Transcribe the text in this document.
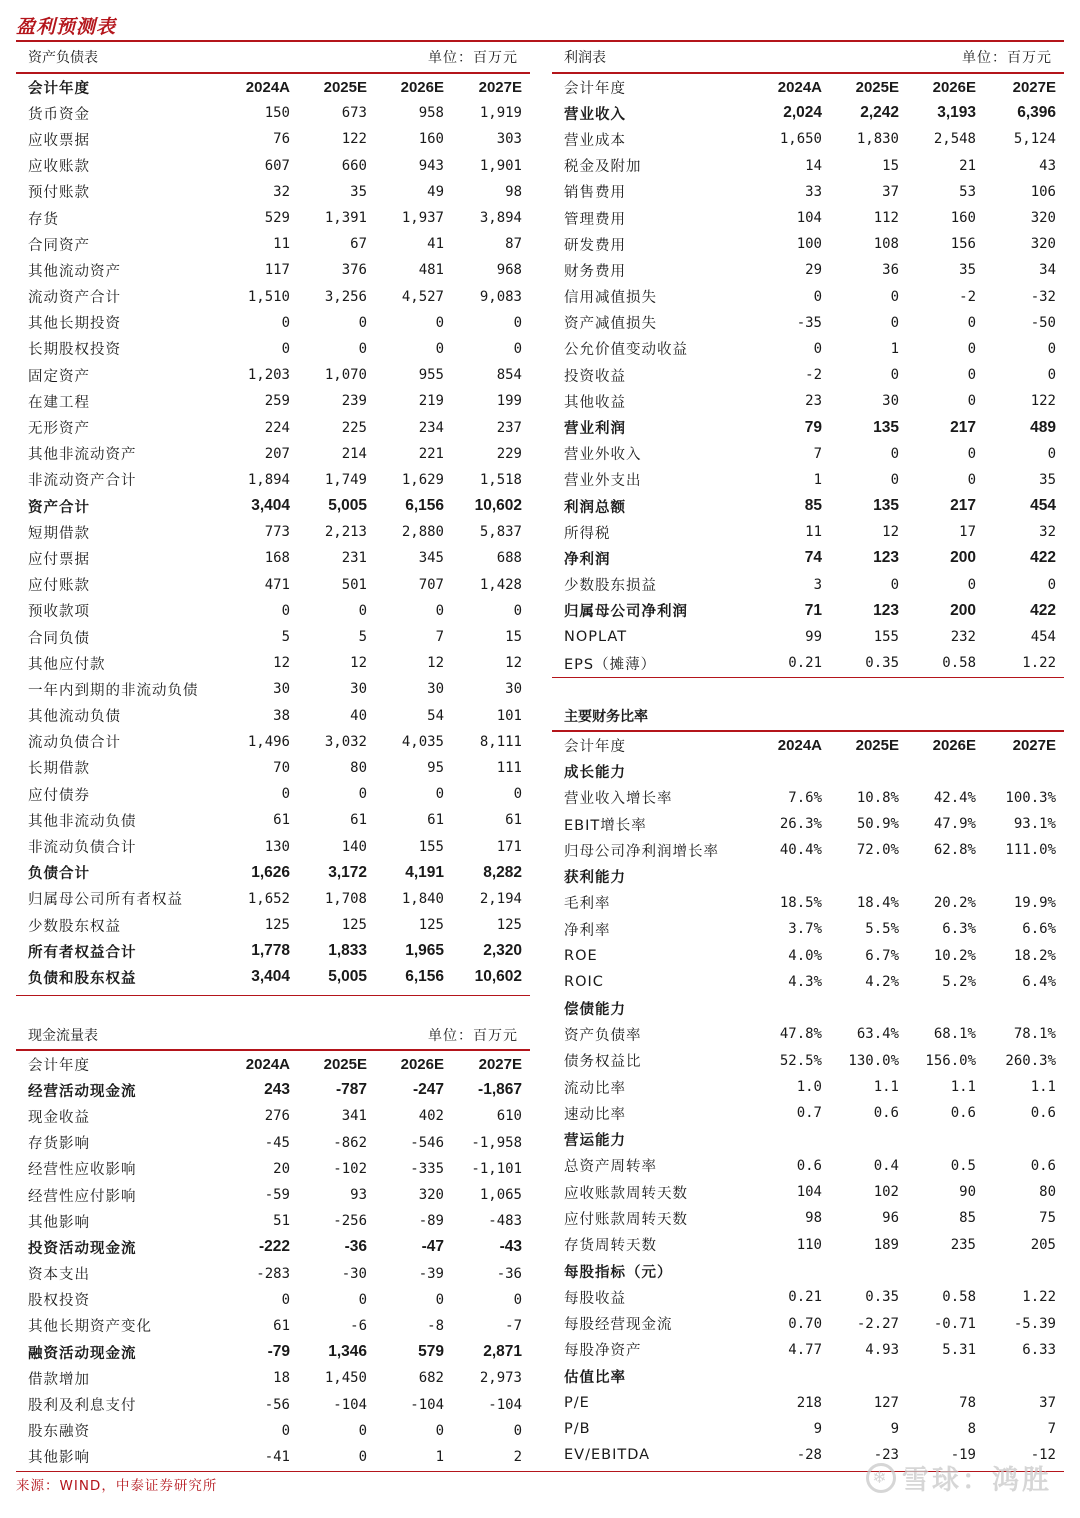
盈利预测表
资产负债表	单位：百万元
会计年度	2024A	2025E	2026E	2027E
货币资金	150	673	958	1,919
应收票据	76	122	160	303
应收账款	607	660	943	1,901
预付账款	32	35	49	98
存货	529	1,391	1,937	3,894
合同资产	11	67	41	87
其他流动资产	117	376	481	968
流动资产合计	1,510	3,256	4,527	9,083
其他长期投资	0	0	0	0
长期股权投资	0	0	0	0
固定资产	1,203	1,070	955	854
在建工程	259	239	219	199
无形资产	224	225	234	237
其他非流动资产	207	214	221	229
非流动资产合计	1,894	1,749	1,629	1,518
资产合计	3,404	5,005	6,156	10,602
短期借款	773	2,213	2,880	5,837
应付票据	168	231	345	688
应付账款	471	501	707	1,428
预收款项	0	0	0	0
合同负债	5	5	7	15
其他应付款	12	12	12	12
一年内到期的非流动负债	30	30	30	30
其他流动负债	38	40	54	101
流动负债合计	1,496	3,032	4,035	8,111
长期借款	70	80	95	111
应付债券	0	0	0	0
其他非流动负债	61	61	61	61
非流动负债合计	130	140	155	171
负债合计	1,626	3,172	4,191	8,282
归属母公司所有者权益	1,652	1,708	1,840	2,194
少数股东权益	125	125	125	125
所有者权益合计	1,778	1,833	1,965	2,320
负债和股东权益	3,404	5,005	6,156	10,602
现金流量表	单位：百万元
会计年度	2024A	2025E	2026E	2027E
经营活动现金流	243	-787	-247	-1,867
现金收益	276	341	402	610
存货影响	-45	-862	-546	-1,958
经营性应收影响	20	-102	-335	-1,101
经营性应付影响	-59	93	320	1,065
其他影响	51	-256	-89	-483
投资活动现金流	-222	-36	-47	-43
资本支出	-283	-30	-39	-36
股权投资	0	0	0	0
其他长期资产变化	61	-6	-8	-7
融资活动现金流	-79	1,346	579	2,871
借款增加	18	1,450	682	2,973
股利及利息支付	-56	-104	-104	-104
股东融资	0	0	0	0
其他影响	-41	0	1	2
利润表	单位：百万元
会计年度	2024A	2025E	2026E	2027E
营业收入	2,024	2,242	3,193	6,396
营业成本	1,650	1,830	2,548	5,124
税金及附加	14	15	21	43
销售费用	33	37	53	106
管理费用	104	112	160	320
研发费用	100	108	156	320
财务费用	29	36	35	34
信用减值损失	0	0	-2	-32
资产减值损失	-35	0	0	-50
公允价值变动收益	0	1	0	0
投资收益	-2	0	0	0
其他收益	23	30	0	122
营业利润	79	135	217	489
营业外收入	7	0	0	0
营业外支出	1	0	0	35
利润总额	85	135	217	454
所得税	11	12	17	32
净利润	74	123	200	422
少数股东损益	3	0	0	0
归属母公司净利润	71	123	200	422
NOPLAT	99	155	232	454
EPS（摊薄）	0.21	0.35	0.58	1.22
主要财务比率
会计年度	2024A	2025E	2026E	2027E
成长能力				
营业收入增长率	7.6%	10.8%	42.4%	100.3%
EBIT增长率	26.3%	50.9%	47.9%	93.1%
归母公司净利润增长率	40.4%	72.0%	62.8%	111.0%
获利能力				
毛利率	18.5%	18.4%	20.2%	19.9%
净利率	3.7%	5.5%	6.3%	6.6%
ROE	4.0%	6.7%	10.2%	18.2%
ROIC	4.3%	4.2%	5.2%	6.4%
偿债能力				
资产负债率	47.8%	63.4%	68.1%	78.1%
债务权益比	52.5%	130.0%	156.0%	260.3%
流动比率	1.0	1.1	1.1	1.1
速动比率	0.7	0.6	0.6	0.6
营运能力				
总资产周转率	0.6	0.4	0.5	0.6
应收账款周转天数	104	102	90	80
应付账款周转天数	98	96	85	75
存货周转天数	110	189	235	205
每股指标（元）				
每股收益	0.21	0.35	0.58	1.22
每股经营现金流	0.70	-2.27	-0.71	-5.39
每股净资产	4.77	4.93	5.31	6.33
估值比率				
P/E	218	127	78	37
P/B	9	9	8	7
EV/EBITDA	-28	-23	-19	-12
来源：WIND，中泰证券研究所	❄ 雪球：鸿胜
